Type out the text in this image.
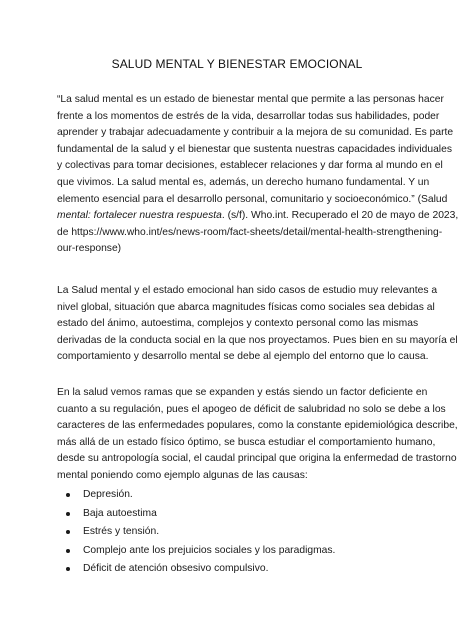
SALUD MENTAL Y BIENESTAR EMOCIONAL
“La salud mental es un estado de bienestar mental que permite a las personas hacer
frente a los momentos de estrés de la vida, desarrollar todas sus habilidades, poder
aprender y trabajar adecuadamente y contribuir a la mejora de su comunidad. Es parte
fundamental de la salud y el bienestar que sustenta nuestras capacidades individuales
y colectivas para tomar decisiones, establecer relaciones y dar forma al mundo en el
que vivimos. La salud mental es, además, un derecho humano fundamental. Y un
elemento esencial para el desarrollo personal, comunitario y socioeconómico.” (Salud
mental: fortalecer nuestra respuesta. (s/f). Who.int. Recuperado el 20 de mayo de 2023,
de https://www.who.int/es/news-room/fact-sheets/detail/mental-health-strengthening-
our-response)
La Salud mental y el estado emocional han sido casos de estudio muy relevantes a
nivel global, situación que abarca magnitudes físicas como sociales sea debidas al
estado del ánimo, autoestima, complejos y contexto personal como las mismas
derivadas de la conducta social en la que nos proyectamos. Pues bien en su mayoría el
comportamiento y desarrollo mental se debe al ejemplo del entorno que lo causa.
En la salud vemos ramas que se expanden y estás siendo un factor deficiente en
cuanto a su regulación, pues el apogeo de déficit de salubridad no solo se debe a los
caracteres de las enfermedades populares, como la constante epidemiológica describe,
más allá de un estado físico óptimo, se busca estudiar el comportamiento humano,
desde su antropología social, el caudal principal que origina la enfermedad de trastorno
mental poniendo como ejemplo algunas de las causas:
Depresión.
Baja autoestima
Estrés y tensión.
Complejo ante los prejuicios sociales y los paradigmas.
Déficit de atención obsesivo compulsivo.
